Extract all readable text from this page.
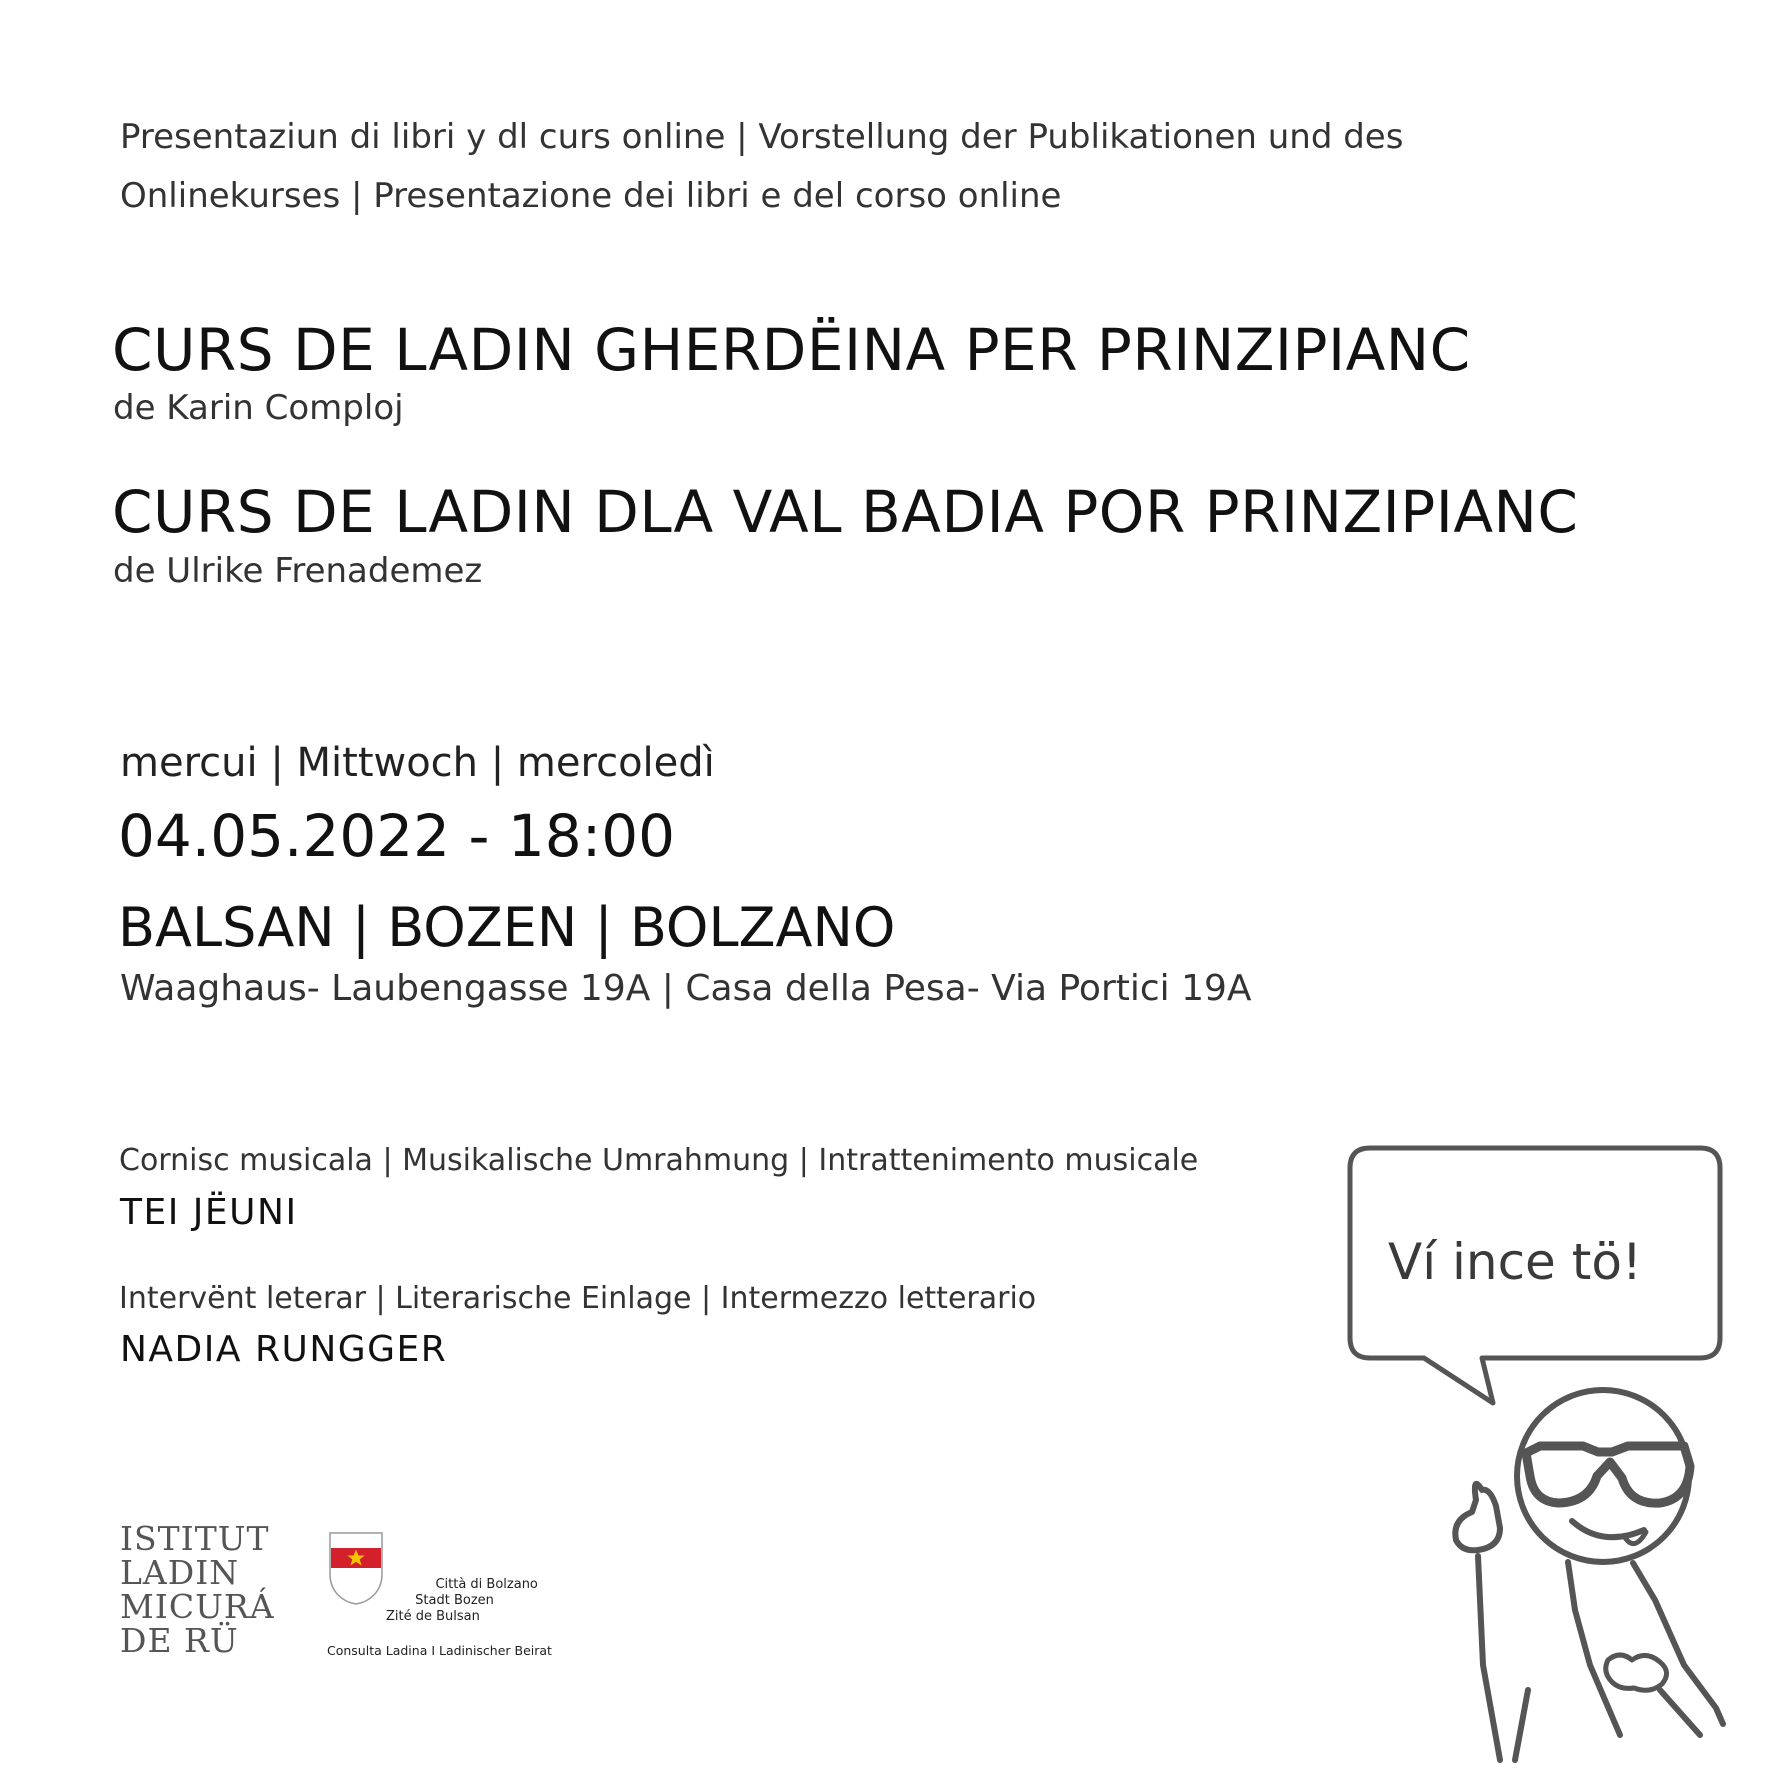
Presentaziun di libri y dl curs online | Vorstellung der Publikationen und des Onlinekurses | Presentazione dei libri e del corso online
CURS DE LADIN GHERDËINA PER PRINZIPIANC
de Karin Comploj
CURS DE LADIN DLA VAL BADIA POR PRINZIPIANC
de Ulrike Frenademez
mercui | Mittwoch | mercoledì
04.05.2022 - 18:00
BALSAN | BOZEN | BOLZANO
Waaghaus- Laubengasse 19A | Casa della Pesa- Via Portici 19A
Cornisc musicala | Musikalische Umrahmung | Intrattenimento musicale
TEI JËUNI
Intervënt leterar | Literarische Einlage | Intermezzo letterario
NADIA RUNGGER
ISTITUT
LADIN
MICURÁ
DE RÜ
Città di Bolzano
Stadt Bozen
Zité de Bulsan
Consulta Ladina I Ladinischer Beirat
Ví ince tö!
